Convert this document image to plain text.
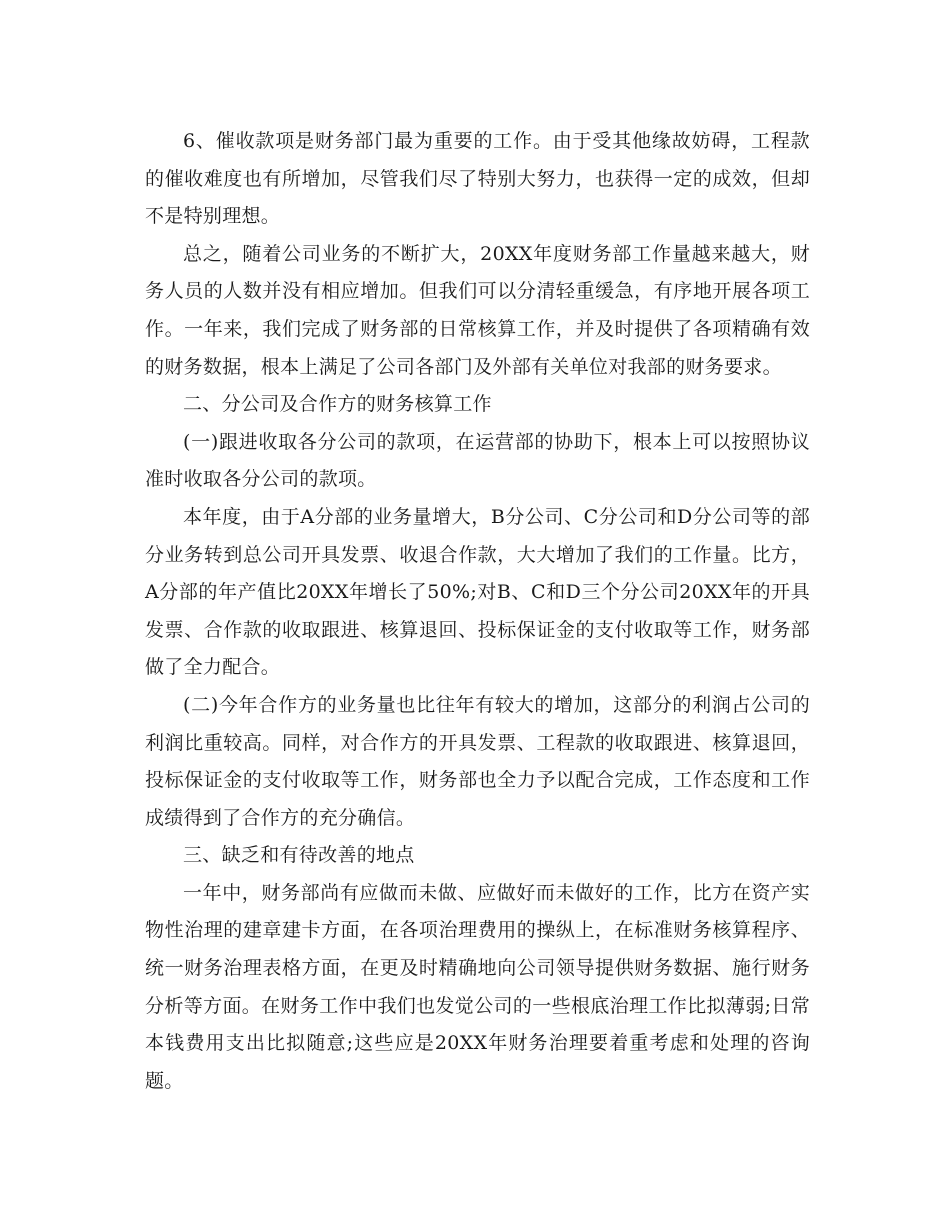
6、催收款项是财务部门最为重要的工作。由于受其他缘故妨碍，工程款的催收难度也有所增加，尽管我们尽了特别大努力，也获得一定的成效，但却不是特别理想。

总之，随着公司业务的不断扩大，20XX年度财务部工作量越来越大，财务人员的人数并没有相应增加。但我们可以分清轻重缓急，有序地开展各项工作。一年来，我们完成了财务部的日常核算工作，并及时提供了各项精确有效的财务数据，根本上满足了公司各部门及外部有关单位对我部的财务要求。

二、分公司及合作方的财务核算工作

(一)跟进收取各分公司的款项，在运营部的协助下，根本上可以按照协议准时收取各分公司的款项。

本年度，由于A分部的业务量增大，B分公司、C分公司和D分公司等的部分业务转到总公司开具发票、收退合作款，大大增加了我们的工作量。比方，A分部的年产值比20XX年增长了50%;对B、C和D三个分公司20XX年的开具发票、合作款的收取跟进、核算退回、投标保证金的支付收取等工作，财务部做了全力配合。

(二)今年合作方的业务量也比往年有较大的增加，这部分的利润占公司的利润比重较高。同样，对合作方的开具发票、工程款的收取跟进、核算退回，投标保证金的支付收取等工作，财务部也全力予以配合完成，工作态度和工作成绩得到了合作方的充分确信。

三、缺乏和有待改善的地点

一年中，财务部尚有应做而未做、应做好而未做好的工作，比方在资产实物性治理的建章建卡方面，在各项治理费用的操纵上，在标准财务核算程序、统一财务治理表格方面，在更及时精确地向公司领导提供财务数据、施行财务分析等方面。在财务工作中我们也发觉公司的一些根底治理工作比拟薄弱;日常本钱费用支出比拟随意;这些应是20XX年财务治理要着重考虑和处理的咨询题。
